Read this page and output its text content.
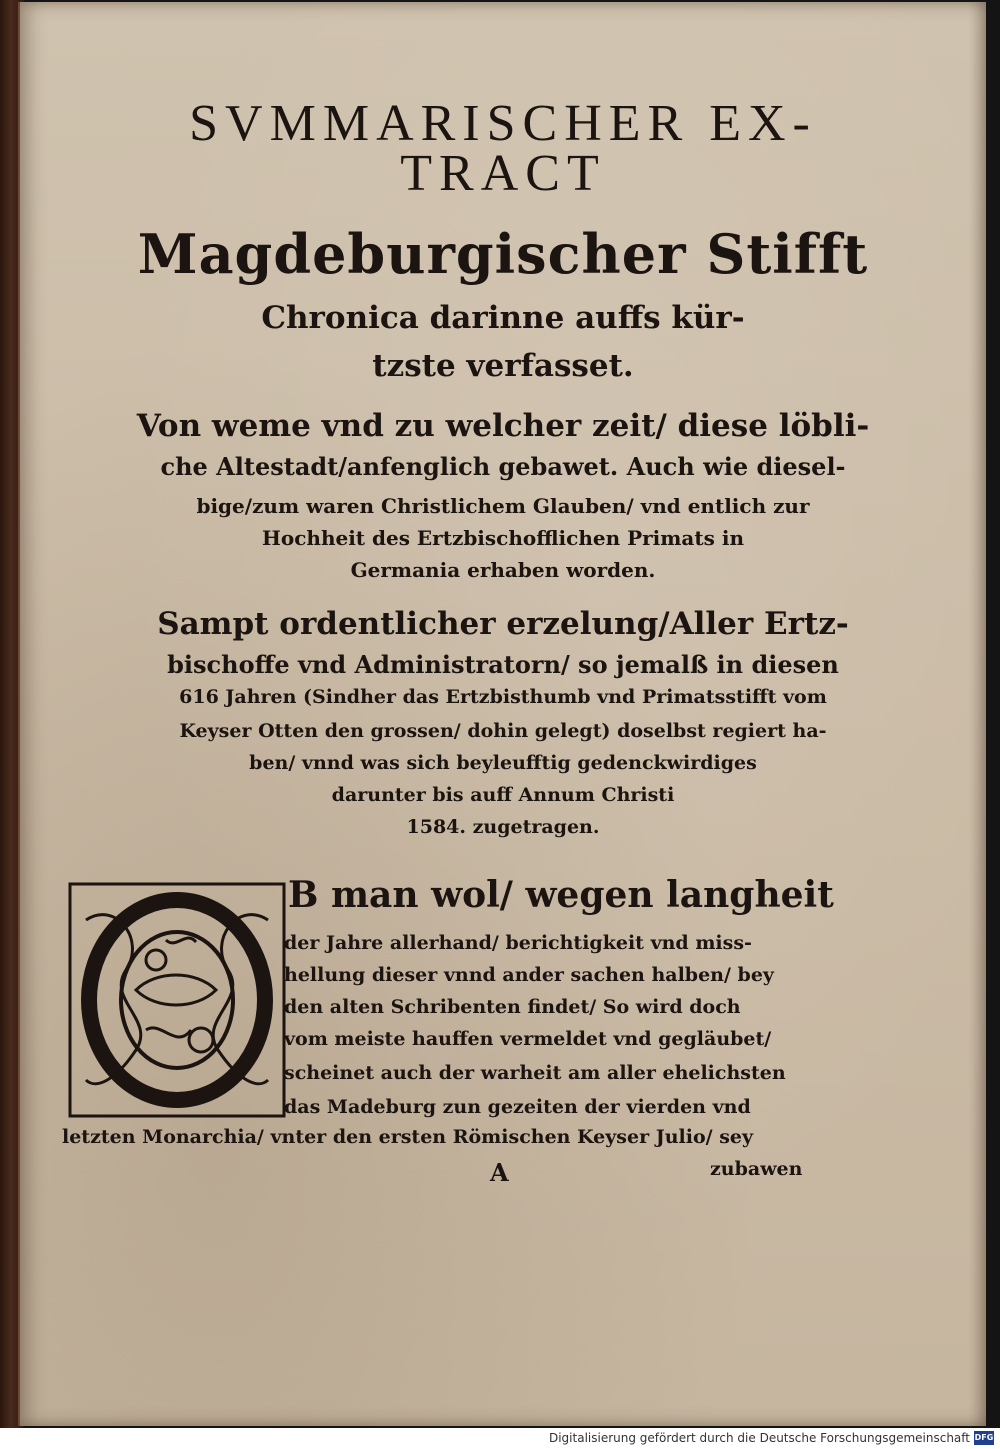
SVMMARISCHER EX-
TRACT
Magdeburgischer Stifft
Chronica darinne auffs kür-
tzste verfasset.
Von weme vnd zu welcher zeit/ diese löbli-
che Altestadt/anfenglich gebawet. Auch wie diesel-
bige/zum waren Christlichem Glauben/ vnd entlich zur
Hochheit des Ertzbischofflichen Primats in
Germania erhaben worden.
Sampt ordentlicher erzelung/Aller Ertz-
bischoffe vnd Administratorn/ so jemalß in diesen
616 Jahren (Sindher das Ertzbisthumb vnd Primatsstifft vom
Keyser Otten den grossen/ dohin gelegt) doselbst regiert ha-
ben/ vnnd was sich beyleufftig gedenckwirdiges
darunter bis auff Annum Christi
1584. zugetragen.
B man wol/ wegen langheit
der Jahre allerhand/ berichtigkeit vnd miss-
hellung dieser vnnd ander sachen halben/ bey
den alten Schribenten findet/ So wird doch
vom meiste hauffen vermeldet vnd gegläubet/
scheinet auch der warheit am aller ehelichsten
das Madeburg zun gezeiten der vierden vnd
letzten Monarchia/ vnter den ersten Römischen Keyser Julio/ sey
A	zubawen
Digitalisierung gefördert durch die Deutsche Forschungsgemeinschaft DFG
